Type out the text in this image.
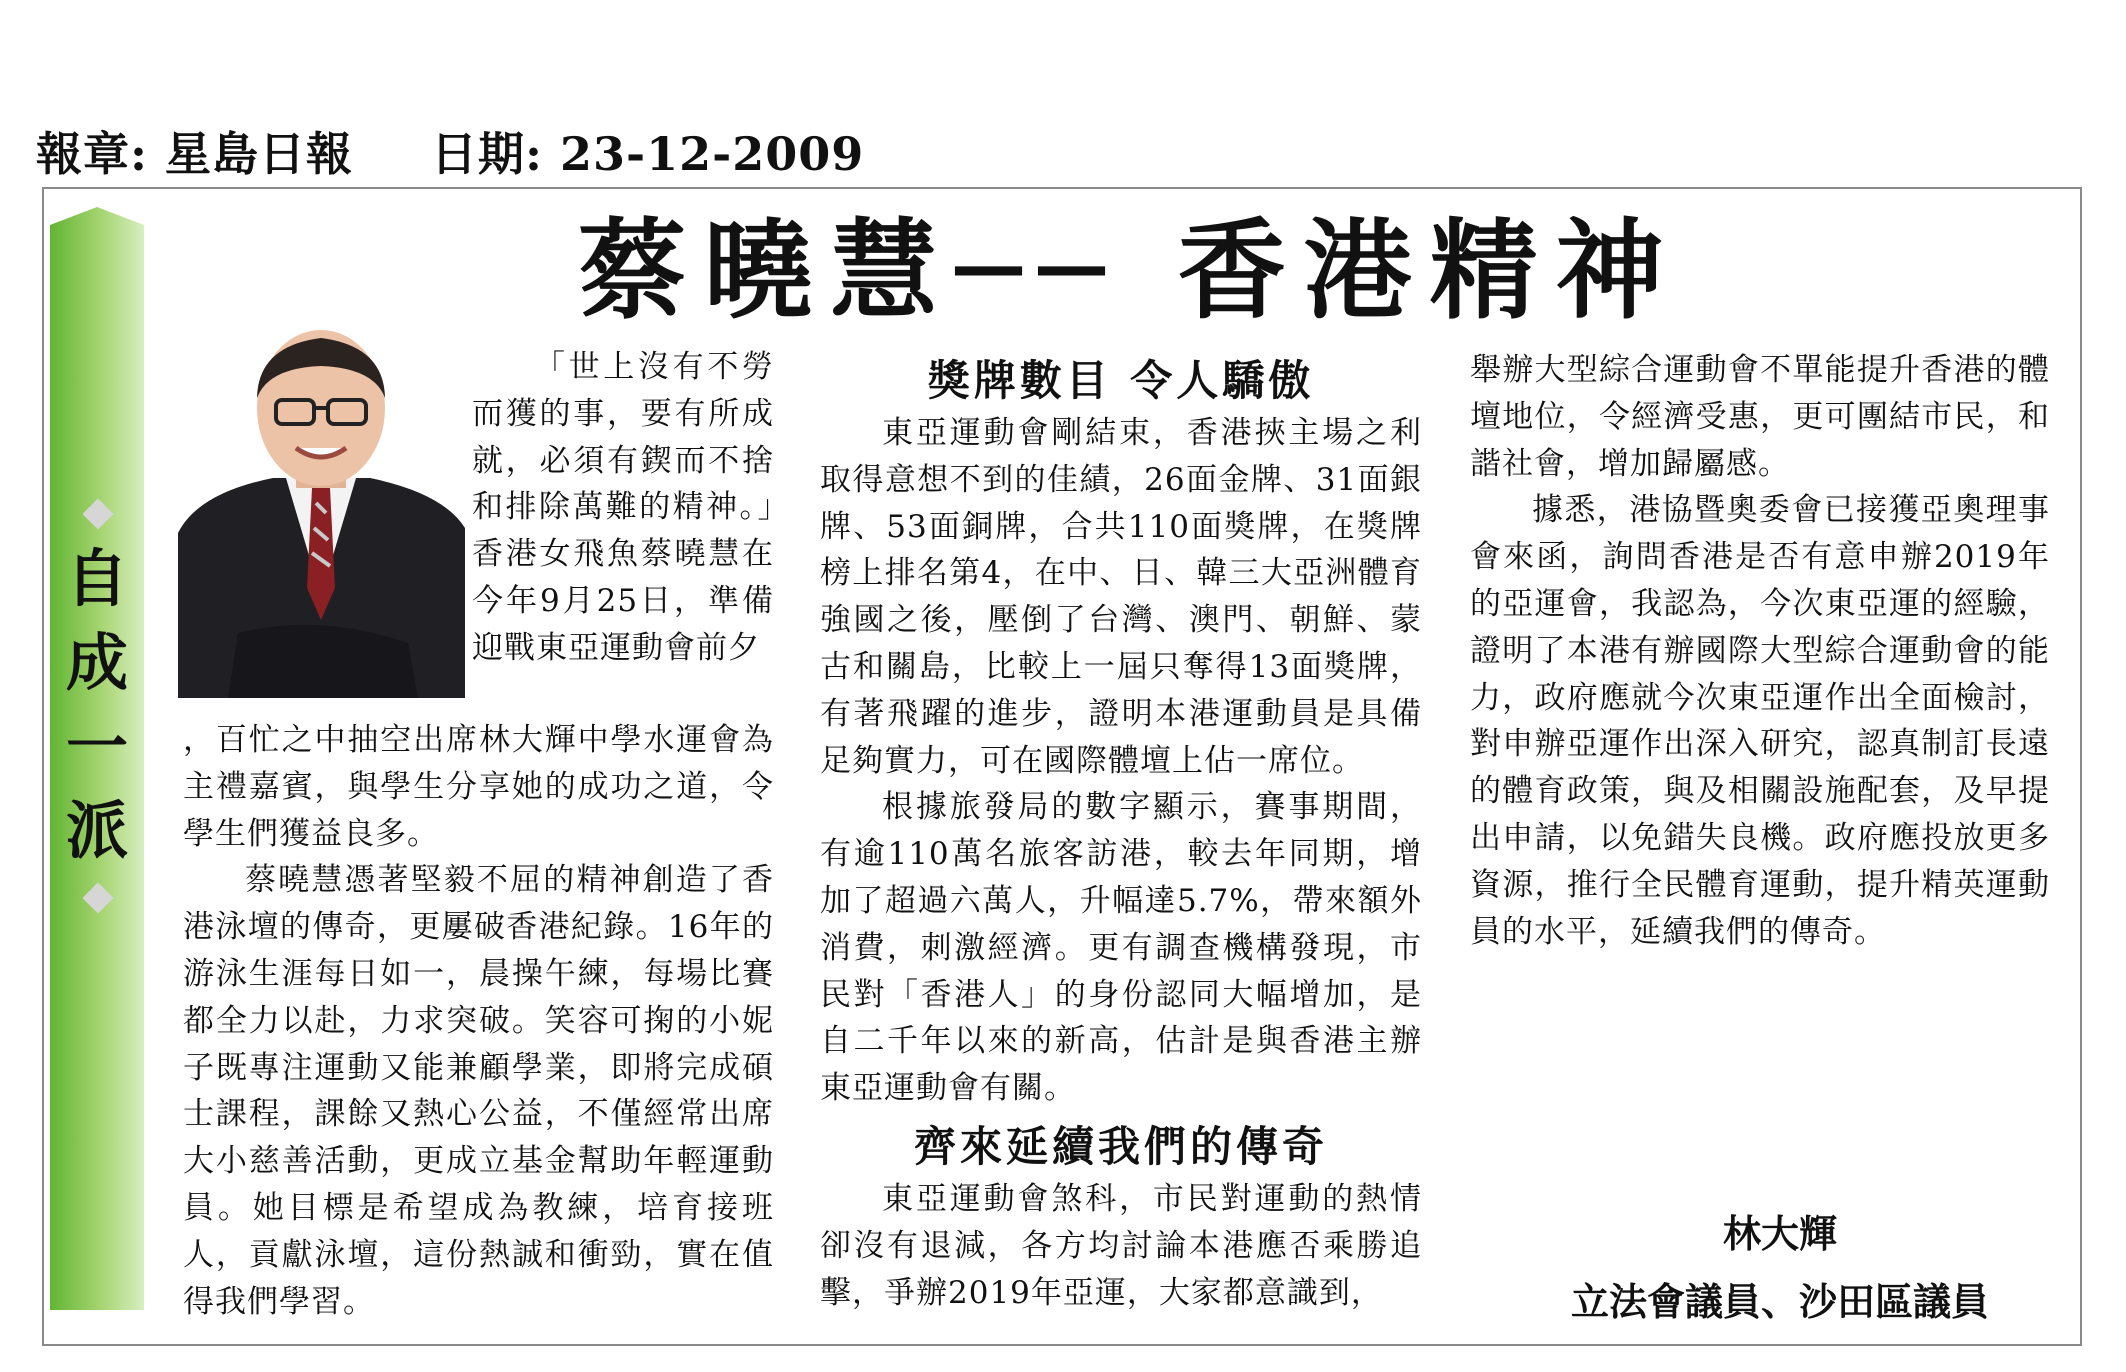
報章: 星島日報 日期: 23-12-2009
自
成
一
派
蔡曉慧── 香港精神

「世上沒有不勞而獲的事，要有所成就，必須有鍥而不捨和排除萬難的精神。」香港女飛魚蔡曉慧在今年9月25日，準備迎戰東亞運動會前夕

，百忙之中抽空出席林大輝中學水運會為主禮嘉賓，與學生分享她的成功之道，令學生們獲益良多。

蔡曉慧憑著堅毅不屈的精神創造了香港泳壇的傳奇，更屢破香港紀錄。16年的游泳生涯每日如一，晨操午練，每場比賽都全力以赴，力求突破。笑容可掬的小妮子既專注運動又能兼顧學業，即將完成碩士課程，課餘又熱心公益，不僅經常出席大小慈善活動，更成立基金幫助年輕運動員。她目標是希望成為教練，培育接班人，貢獻泳壇，這份熱誠和衝勁，實在值得我們學習。

獎牌數目 令人驕傲

東亞運動會剛結束，香港挾主場之利取得意想不到的佳績，26面金牌、31面銀牌、53面銅牌，合共110面獎牌，在獎牌榜上排名第4，在中、日、韓三大亞洲體育強國之後，壓倒了台灣、澳門、朝鮮、蒙古和關島，比較上一屆只奪得13面獎牌，有著飛躍的進步，證明本港運動員是具備足夠實力，可在國際體壇上佔一席位。

根據旅發局的數字顯示，賽事期間，有逾110萬名旅客訪港，較去年同期，增加了超過六萬人，升幅達5.7%，帶來額外消費，刺激經濟。更有調查機構發現，市民對「香港人」的身份認同大幅增加，是自二千年以來的新高，估計是與香港主辦東亞運動會有關。

齊來延續我們的傳奇

東亞運動會煞科，市民對運動的熱情卻沒有退減，各方均討論本港應否乘勝追擊，爭辦2019年亞運，大家都意識到，

舉辦大型綜合運動會不單能提升香港的體壇地位，令經濟受惠，更可團結市民，和諧社會，增加歸屬感。

據悉，港協暨奧委會已接獲亞奧理事會來函，詢問香港是否有意申辦2019年的亞運會，我認為，今次東亞運的經驗，證明了本港有辦國際大型綜合運動會的能力，政府應就今次東亞運作出全面檢討，對申辦亞運作出深入研究，認真制訂長遠的體育政策，與及相關設施配套，及早提出申請，以免錯失良機。政府應投放更多資源，推行全民體育運動，提升精英運動員的水平，延續我們的傳奇。

林大輝
立法會議員、沙田區議員
